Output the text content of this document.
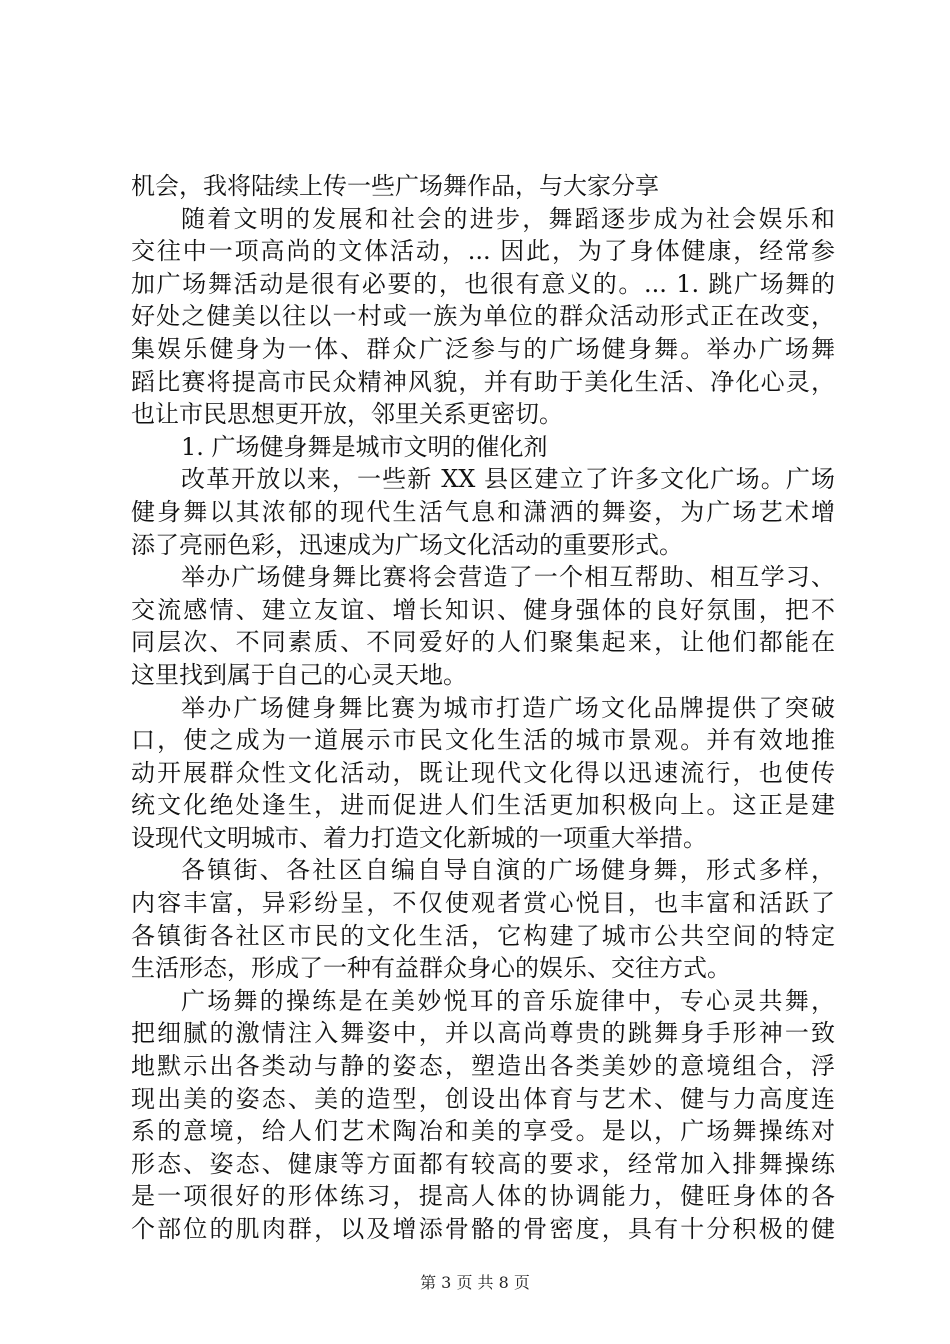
机会，我将陆续上传一些广场舞作品，与大家分享
随着文明的发展和社会的进步，舞蹈逐步成为社会娱乐和
交往中一项高尚的文体活动，... 因此，为了身体健康，经常参
加广场舞活动是很有必要的，也很有意义的。... 1. 跳广场舞的
好处之健美以往以一村或一族为单位的群众活动形式正在改变，
集娱乐健身为一体、群众广泛参与的广场健身舞。举办广场舞
蹈比赛将提高市民众精神风貌，并有助于美化生活、净化心灵，
也让市民思想更开放，邻里关系更密切。
1. 广场健身舞是城市文明的催化剂
改革开放以来，一些新 XX 县区建立了许多文化广场。广场
健身舞以其浓郁的现代生活气息和潇洒的舞姿，为广场艺术增
添了亮丽色彩，迅速成为广场文化活动的重要形式。
举办广场健身舞比赛将会营造了一个相互帮助、相互学习、
交流感情、建立友谊、增长知识、健身强体的良好氛围，把不
同层次、不同素质、不同爱好的人们聚集起来，让他们都能在
这里找到属于自己的心灵天地。
举办广场健身舞比赛为城市打造广场文化品牌提供了突破
口，使之成为一道展示市民文化生活的城市景观。并有效地推
动开展群众性文化活动，既让现代文化得以迅速流行，也使传
统文化绝处逢生，进而促进人们生活更加积极向上。这正是建
设现代文明城市、着力打造文化新城的一项重大举措。
各镇街、各社区自编自导自演的广场健身舞，形式多样，
内容丰富，异彩纷呈，不仅使观者赏心悦目，也丰富和活跃了
各镇街各社区市民的文化生活，它构建了城市公共空间的特定
生活形态，形成了一种有益群众身心的娱乐、交往方式。
广场舞的操练是在美妙悦耳的音乐旋律中，专心灵共舞，
把细腻的激情注入舞姿中，并以高尚尊贵的跳舞身手形神一致
地默示出各类动与静的姿态，塑造出各类美妙的意境组合，浮
现出美的姿态、美的造型，创设出体育与艺术、健与力高度连
系的意境，给人们艺术陶冶和美的享受。是以，广场舞操练对
形态、姿态、健康等方面都有较高的要求，经常加入排舞操练
是一项很好的形体练习，提高人体的协调能力，健旺身体的各
个部位的肌肉群，以及增添骨骼的骨密度，具有十分积极的健
第 3 页 共 8 页
